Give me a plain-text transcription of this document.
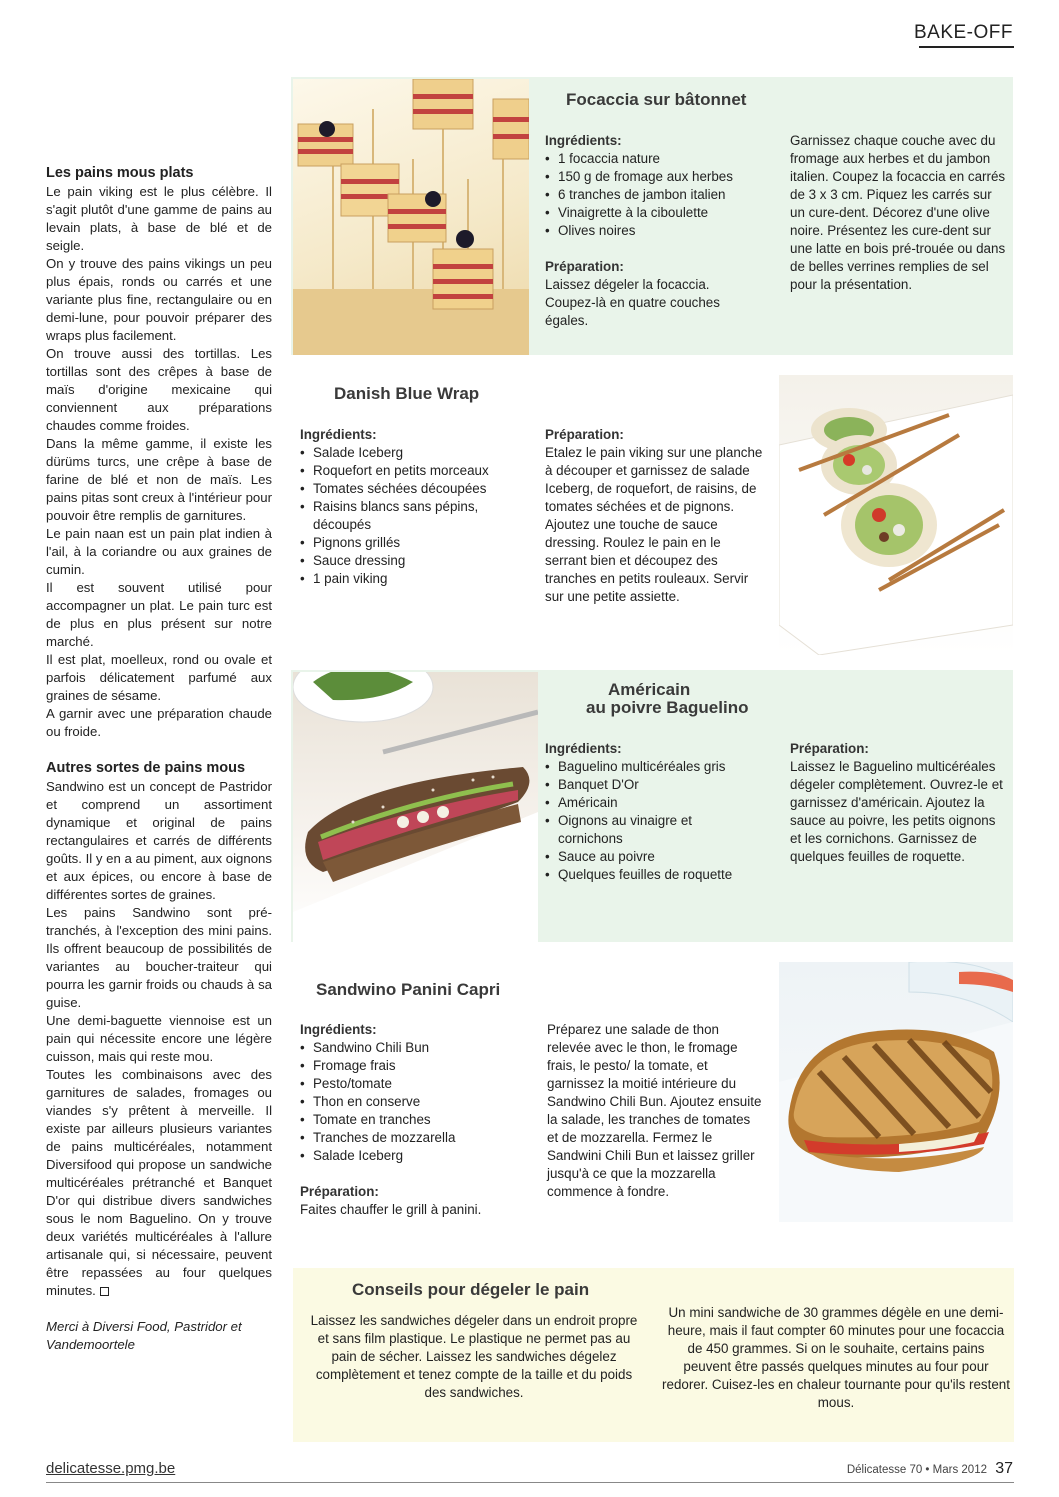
BAKE-OFF
Les pains mous plats

Le pain viking est le plus célèbre. Il s'agit plutôt d'une gamme de pains au levain plats, à base de blé et de seigle.

On y trouve des pains vikings un peu plus épais, ronds ou carrés et une variante plus fine, rectangulaire ou en demi-lune, pour pouvoir préparer des wraps plus facilement.

On trouve aussi des tortillas. Les tortillas sont des crêpes à base de maïs d'origine mexicaine qui conviennent aux préparations chaudes comme froides.

Dans la même gamme, il existe les dürüms turcs, une crêpe à base de farine de blé et non de maïs. Les pains pitas sont creux à l'intérieur pour pouvoir être remplis de garnitures.

Le pain naan est un pain plat indien à l'ail, à la coriandre ou aux graines de cumin.

Il est souvent utilisé pour accompagner un plat. Le pain turc est de plus en plus présent sur notre marché.

Il est plat, moelleux, rond ou ovale et parfois délicatement parfumé aux graines de sésame.

A garnir avec une préparation chaude ou froide.

Autres sortes de pains mous

Sandwino est un concept de Pastridor et comprend un assortiment dynamique et original de pains rectangulaires et carrés de différents goûts. Il y en a au piment, aux oignons et aux épices, ou encore à base de différentes sortes de graines.

Les pains Sandwino sont pré-tranchés, à l'exception des mini pains. Ils offrent beaucoup de possibilités de variantes au boucher-traiteur qui pourra les garnir froids ou chauds à sa guise.

Une demi-baguette viennoise est un pain qui nécessite encore une légère cuisson, mais qui reste mou.

Toutes les combinaisons avec des garnitures de salades, fromages ou viandes s'y prêtent à merveille. Il existe par ailleurs plusieurs variantes de pains multicéréales, notamment Diversifood qui propose un sandwiche multicéréales prétranché et Banquet D'or qui distribue divers sandwiches sous le nom Baguelino. On y trouve deux variétés multicéréales à l'allure artisanale qui, si nécessaire, peuvent être repassées au four quelques minutes.

Merci à Diversi Food, Pastridor et Vandemoortele

Focaccia sur bâtonnet
Ingrédients:
• 1 focaccia nature
• 150 g de fromage aux herbes
• 6 tranches de jambon italien
• Vinaigrette à la ciboulette
• Olives noires
Préparation:
Laissez dégeler la focaccia. Coupez-là en quatre couches égales.
Garnissez chaque couche avec du fromage aux herbes et du jambon italien. Coupez la focaccia en carrés de 3 x 3 cm. Piquez les carrés sur un cure-dent. Décorez d'une olive noire. Présentez les cure-dent sur une latte en bois pré-trouée ou dans de belles verrines remplies de sel pour la présentation.
Danish Blue Wrap
Ingrédients:
• Salade Iceberg
• Roquefort en petits morceaux
• Tomates séchées découpées
• Raisins blancs sans pépins, découpés
• Pignons grillés
• Sauce dressing
• 1 pain viking
Préparation:
Etalez le pain viking sur une planche à découper et garnissez de salade Iceberg, de roquefort, de raisins, de tomates séchées et de pignons. Ajoutez une touche de sauce dressing. Roulez le pain en le serrant bien et découpez des tranches en petits rouleaux. Servir sur une petite assiette.
Américain
au poivre Baguelino
Ingrédients:
• Baguelino multicéréales gris
• Banquet D'Or
• Américain
• Oignons au vinaigre et cornichons
• Sauce au poivre
• Quelques feuilles de roquette
Préparation:
Laissez le Baguelino multicéréales dégeler complètement. Ouvrez-le et garnissez d'américain. Ajoutez la sauce au poivre, les petits oignons et les cornichons. Garnissez de quelques feuilles de roquette.
Sandwino Panini Capri
Ingrédients:
• Sandwino Chili Bun
• Fromage frais
• Pesto/tomate
• Thon en conserve
• Tomate en tranches
• Tranches de mozzarella
• Salade Iceberg
Préparation:
Faites chauffer le grill à panini.
Préparez une salade de thon relevée avec le thon, le fromage frais, le pesto/ la tomate, et garnissez la moitié intérieure du Sandwino Chili Bun. Ajoutez ensuite la salade, les tranches de tomates et de mozzarella. Fermez le Sandwini Chili Bun et laissez griller jusqu'à ce que la mozzarella commence à fondre.
Conseils pour dégeler le pain
Laissez les sandwiches dégeler dans un endroit propre et sans film plastique. Le plastique ne permet pas au pain de sécher. Laissez les sandwiches dégelez complètement et tenez compte de la taille et du poids des sandwiches.
Un mini sandwiche de 30 grammes dégèle en une demi-heure, mais il faut compter 60 minutes pour une focaccia de 450 grammes. Si on le souhaite, certains pains peuvent être passés quelques minutes au four pour redorer. Cuisez-les en chaleur tournante pour qu'ils restent mous.
delicatesse.pmg.be	Délicatesse 70 • Mars 2012 37
